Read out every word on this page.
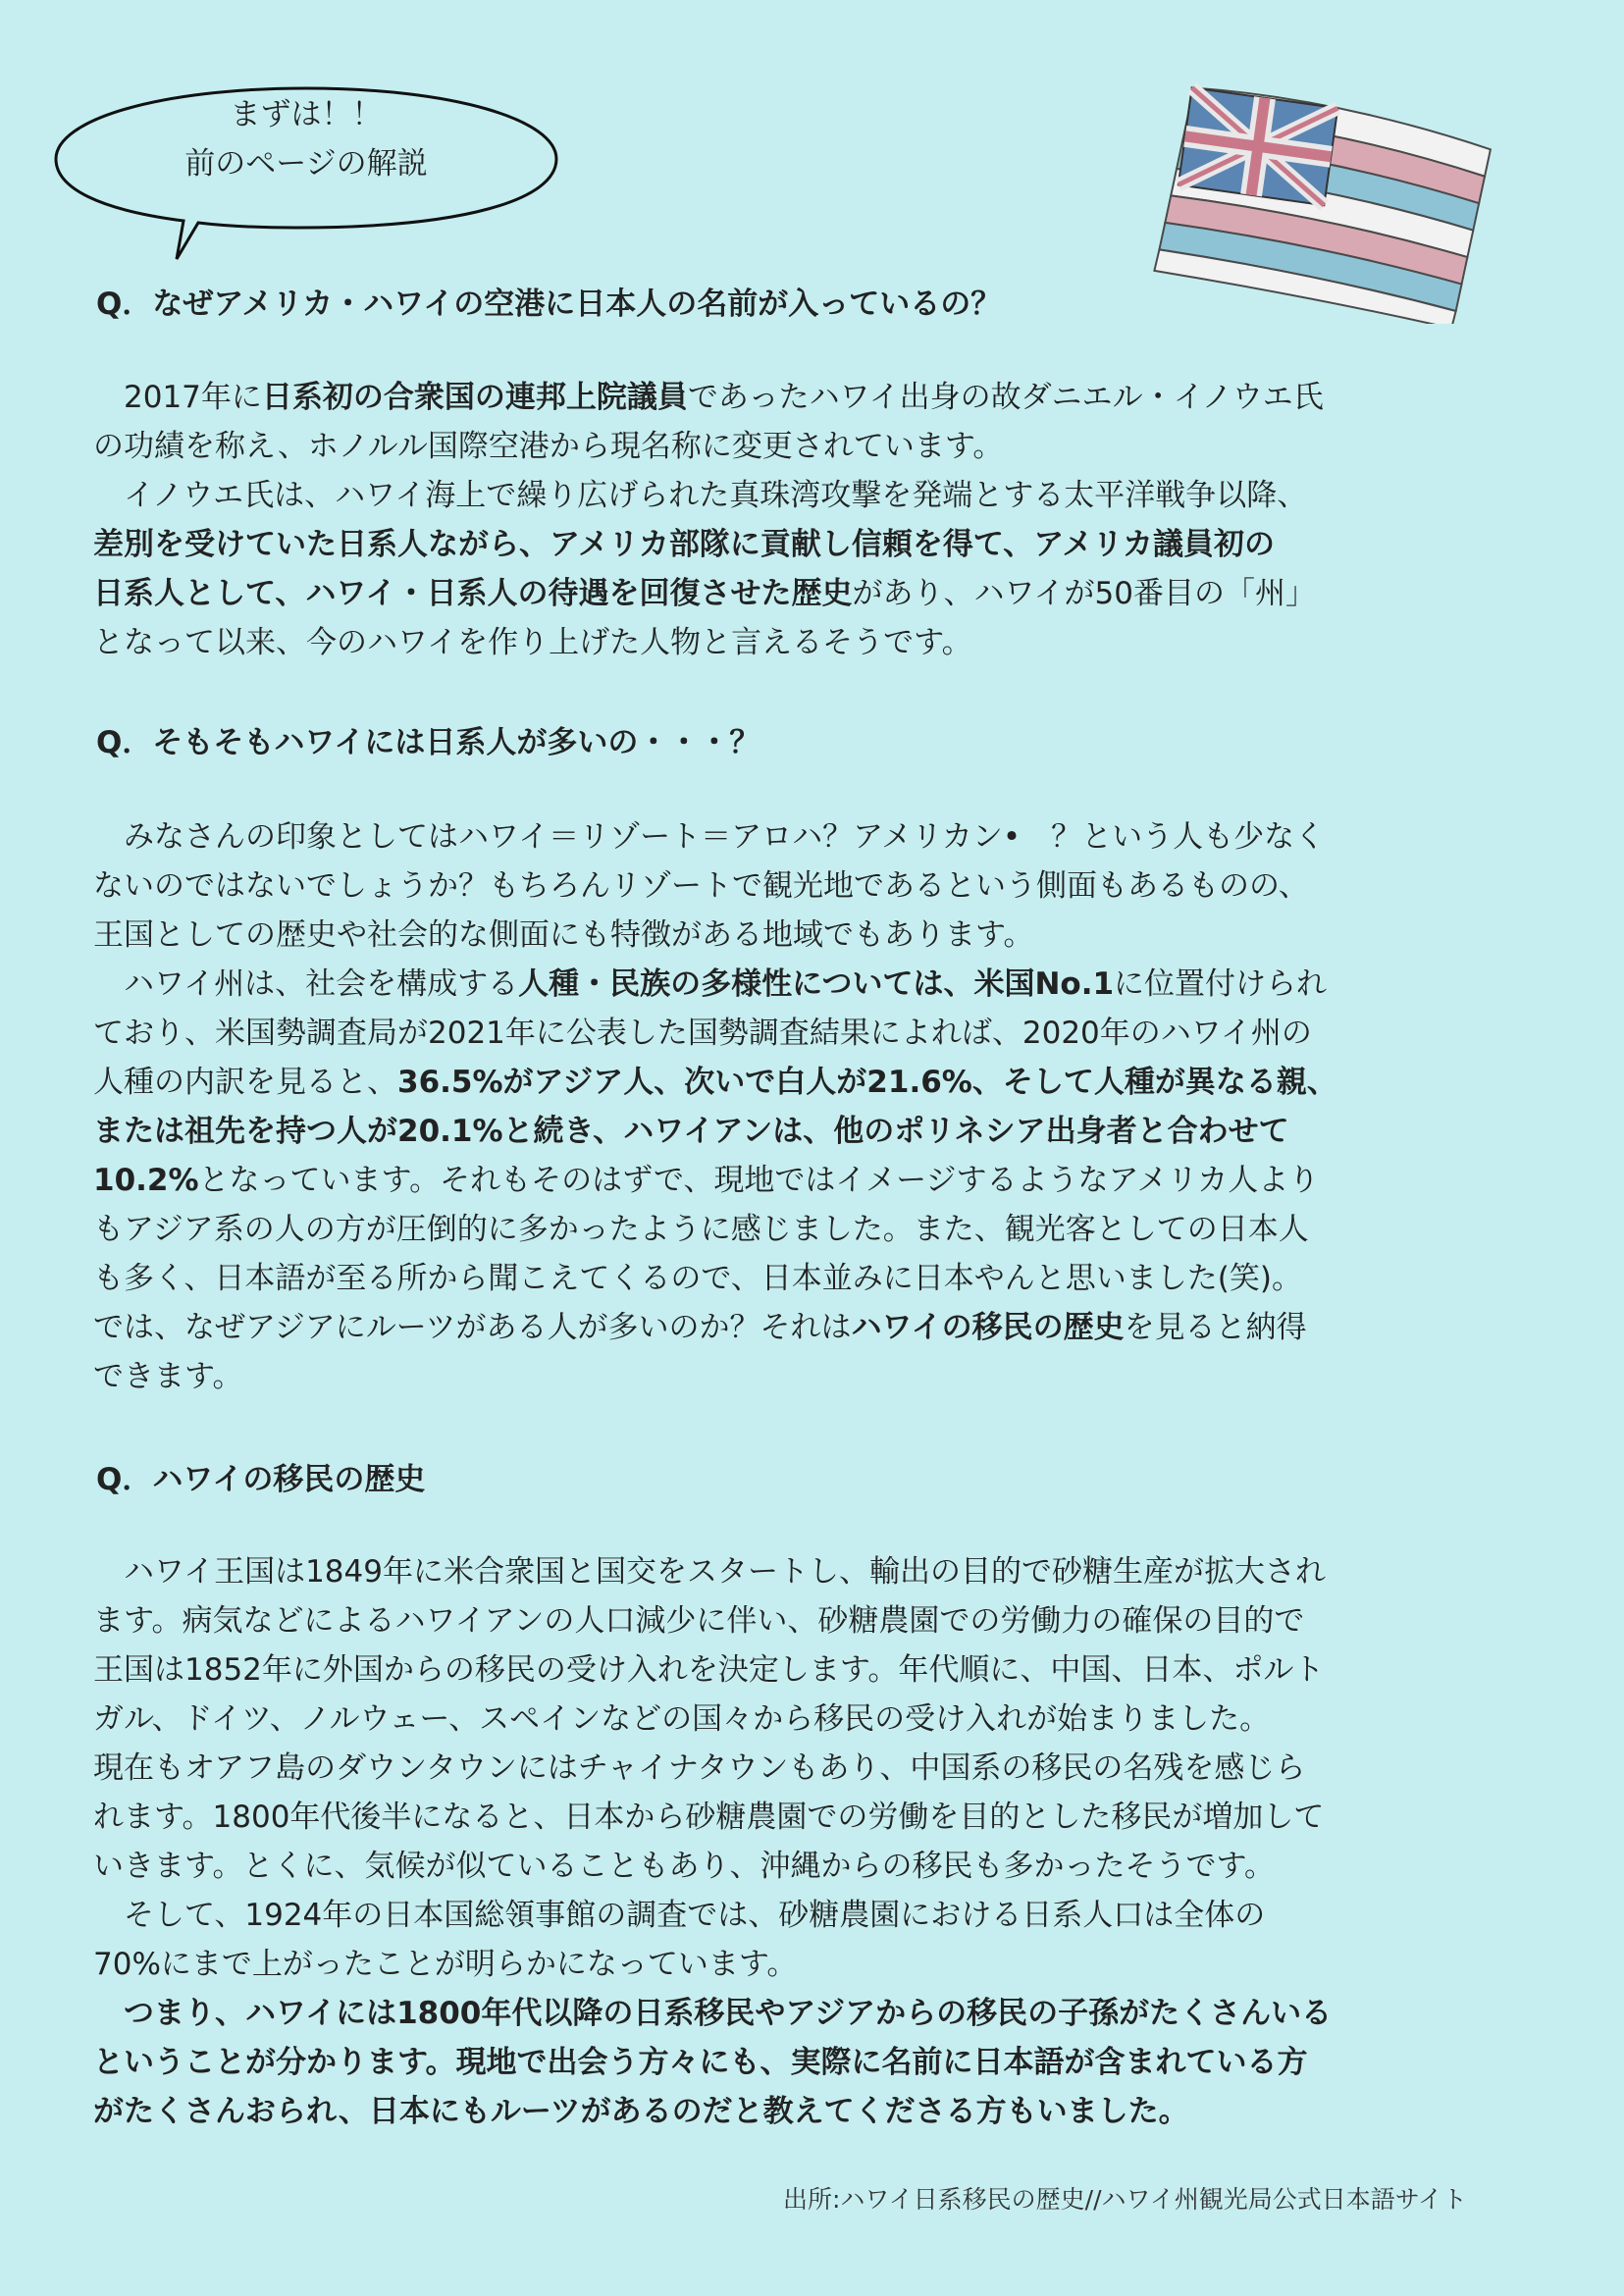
まずは！！
前のページの解説
Q．なぜアメリカ・ハワイの空港に日本人の名前が入っているの？

　2017年に日系初の合衆国の連邦上院議員であったハワイ出身の故ダニエル・イノウエ氏

の功績を称え、ホノルル国際空港から現名称に変更されています。

　イノウエ氏は、ハワイ海上で繰り広げられた真珠湾攻撃を発端とする太平洋戦争以降、

差別を受けていた日系人ながら、アメリカ部隊に貢献し信頼を得て、アメリカ議員初の

日系人として、ハワイ・日系人の待遇を回復させた歴史があり、ハワイが50番目の「州」

となって以来、今のハワイを作り上げた人物と言えるそうです。

Q．そもそもハワイには日系人が多いの・・・？

　みなさんの印象としてはハワイ＝リゾート＝アロハ？アメリカン•　？という人も少なく

ないのではないでしょうか？もちろんリゾートで観光地であるという側面もあるものの、

王国としての歴史や社会的な側面にも特徴がある地域でもあります。

　ハワイ州は、社会を構成する人種・民族の多様性については、米国No.1に位置付けられ

ており、米国勢調査局が2021年に公表した国勢調査結果によれば、2020年のハワイ州の

人種の内訳を見ると、36.5%がアジア人、次いで白人が21.6%、そして人種が異なる親、

または祖先を持つ人が20.1%と続き、ハワイアンは、他のポリネシア出身者と合わせて

10.2%となっています。それもそのはずで、現地ではイメージするようなアメリカ人より

もアジア系の人の方が圧倒的に多かったように感じました。また、観光客としての日本人

も多く、日本語が至る所から聞こえてくるので、日本並みに日本やんと思いました(笑)。

では、なぜアジアにルーツがある人が多いのか？それはハワイの移民の歴史を見ると納得

できます。

Q．ハワイの移民の歴史

　ハワイ王国は1849年に米合衆国と国交をスタートし、輸出の目的で砂糖生産が拡大され

ます。病気などによるハワイアンの人口減少に伴い、砂糖農園での労働力の確保の目的で

王国は1852年に外国からの移民の受け入れを決定します。年代順に、中国、日本、ポルト

ガル、ドイツ、ノルウェー、スペインなどの国々から移民の受け入れが始まりました。

現在もオアフ島のダウンタウンにはチャイナタウンもあり、中国系の移民の名残を感じら

れます。1800年代後半になると、日本から砂糖農園での労働を目的とした移民が増加して

いきます。とくに、気候が似ていることもあり、沖縄からの移民も多かったそうです。

　そして、1924年の日本国総領事館の調査では、砂糖農園における日系人口は全体の

70%にまで上がったことが明らかになっています。

　つまり、ハワイには1800年代以降の日系移民やアジアからの移民の子孫がたくさんいる

ということが分かります。現地で出会う方々にも、実際に名前に日本語が含まれている方

がたくさんおられ、日本にもルーツがあるのだと教えてくださる方もいました。

出所:ハワイ日系移民の歴史//ハワイ州観光局公式日本語サイト
